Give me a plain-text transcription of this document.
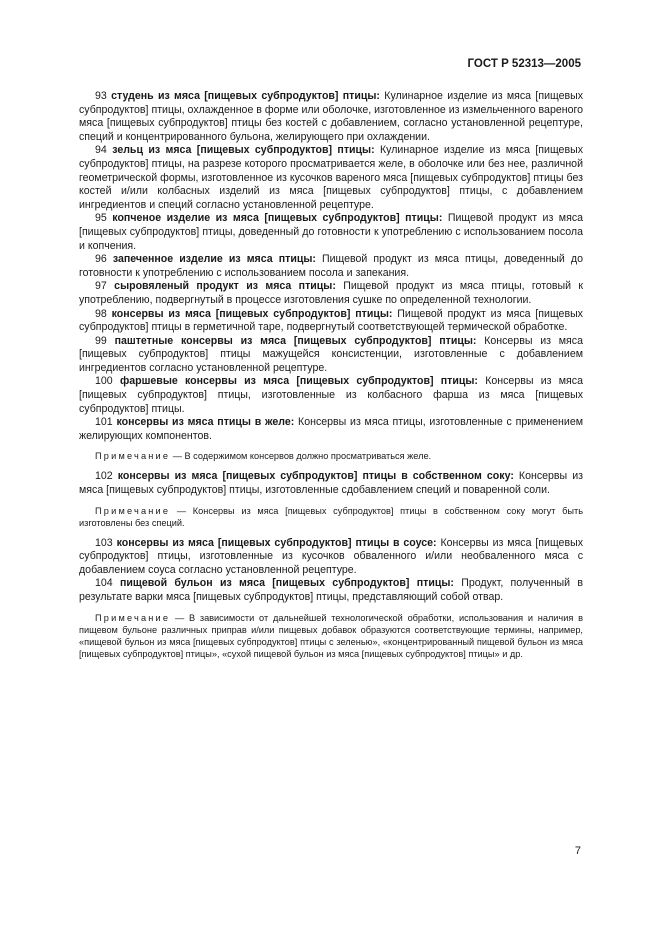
ГОСТ Р 52313—2005

93 студень из мяса [пищевых субпродуктов] птицы: Кулинарное изделие из мяса [пищевых субпродуктов] птицы, охлажденное в форме или оболочке, изготовленное из измельченного вареного мяса [пищевых субпродуктов] птицы без костей с добавлением, согласно установленной рецептуре, специй и концентрированного бульона, желирующего при охлаждении.

94 зельц из мяса [пищевых субпродуктов] птицы: Кулинарное изделие из мяса [пищевых субпродуктов] птицы, на разрезе которого просматривается желе, в оболочке или без нее, различной геометрической формы, изготовленное из кусочков вареного мяса [пищевых субпродуктов] птицы без костей и/или колбасных изделий из мяса [пищевых субпродуктов] птицы, с добавлением ингредиентов и специй согласно установленной рецептуре.

95 копченое изделие из мяса [пищевых субпродуктов] птицы: Пищевой продукт из мяса [пищевых субпродуктов] птицы, доведенный до готовности к употреблению с использованием посола и копчения.

96 запеченное изделие из мяса птицы: Пищевой продукт из мяса птицы, доведенный до готовности к употреблению с использованием посола и запекания.

97 сыровяленый продукт из мяса птицы: Пищевой продукт из мяса птицы, готовый к употреблению, подвергнутый в процессе изготовления сушке по определенной технологии.

98 консервы из мяса [пищевых субпродуктов] птицы: Пищевой продукт из мяса [пищевых субпродуктов] птицы в герметичной таре, подвергнутый соответствующей термической обработке.

99 паштетные консервы из мяса [пищевых субпродуктов] птицы: Консервы из мяса [пищевых субпродуктов] птицы мажущейся консистенции, изготовленные с добавлением ингредиентов согласно установленной рецептуре.

100 фаршевые консервы из мяса [пищевых субпродуктов] птицы: Консервы из мяса [пищевых субпродуктов] птицы, изготовленные из колбасного фарша из мяса [пищевых субпродуктов] птицы.

101 консервы из мяса птицы в желе: Консервы из мяса птицы, изготовленные с применением желирующих компонентов.

Примечание — В содержимом консервов должно просматриваться желе.

102 консервы из мяса [пищевых субпродуктов] птицы в собственном соку: Консервы из мяса [пищевых субпродуктов] птицы, изготовленные сдобавлением специй и поваренной соли.

Примечание — Консервы из мяса [пищевых субпродуктов] птицы в собственном соку могут быть изготовлены без специй.

103 консервы из мяса [пищевых субпродуктов] птицы в соусе: Консервы из мяса [пищевых субпродуктов] птицы, изготовленные из кусочков обваленного и/или необваленного мяса с добавлением соуса согласно установленной рецептуре.

104 пищевой бульон из мяса [пищевых субпродуктов] птицы: Продукт, полученный в результате варки мяса [пищевых субпродуктов] птицы, представляющий собой отвар.

Примечание — В зависимости от дальнейшей технологической обработки, использования и наличия в пищевом бульоне различных приправ и/или пищевых добавок образуются соответствующие термины, например, «пищевой бульон из мяса [пищевых субпродуктов] птицы с зеленью», «концентрированный пищевой бульон из мяса [пищевых субпродуктов] птицы», «сухой пищевой бульон из мяса [пищевых субпродуктов] птицы» и др.

7
